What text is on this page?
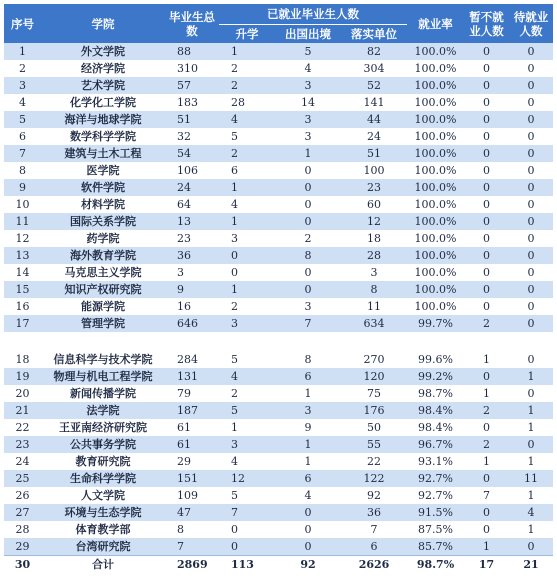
序号	学院	毕业生总数	已就业毕业生人数			就业率	暂不就业人数	待就业人数
			升学	出国出境	落实单位			
1	外文学院	88	1	5	82	100.0%	0	0
2	经济学院	310	2	4	304	100.0%	0	0
3	艺术学院	57	2	3	52	100.0%	0	0
4	化学化工学院	183	28	14	141	100.0%	0	0
5	海洋与地球学院	51	4	3	44	100.0%	0	0
6	数学科学学院	32	5	3	24	100.0%	0	0
7	建筑与土木工程	54	2	1	51	100.0%	0	0
8	医学院	106	6	0	100	100.0%	0	0
9	软件学院	24	1	0	23	100.0%	0	0
10	材料学院	64	4	0	60	100.0%	0	0
11	国际关系学院	13	1	0	12	100.0%	0	0
12	药学院	23	3	2	18	100.0%	0	0
13	海外教育学院	36	0	8	28	100.0%	0	0
14	马克思主义学院	3	0	0	3	100.0%	0	0
15	知识产权研究院	9	1	0	8	100.0%	0	0
16	能源学院	16	2	3	11	100.0%	0	0
17	管理学院	646	3	7	634	99.7%	2	0

18	信息科学与技术学院	284	5	8	270	99.6%	1	0
19	物理与机电工程学院	131	4	6	120	99.2%	0	1
20	新闻传播学院	79	2	1	75	98.7%	1	0
21	法学院	187	5	3	176	98.4%	2	1
22	王亚南经济研究院	61	1	9	50	98.4%	0	1
23	公共事务学院	61	3	1	55	96.7%	2	0
24	教育研究院	29	4	1	22	93.1%	1	1
25	生命科学学院	151	12	6	122	92.7%	0	11
26	人文学院	109	5	4	92	92.7%	7	1
27	环境与生态学院	47	7	0	36	91.5%	0	4
28	体育教学部	8	0	0	7	87.5%	0	1
29	台湾研究院	7	0	0	6	85.7%	1	0
30	合计	2869	113	92	2626	98.7%	17	21
